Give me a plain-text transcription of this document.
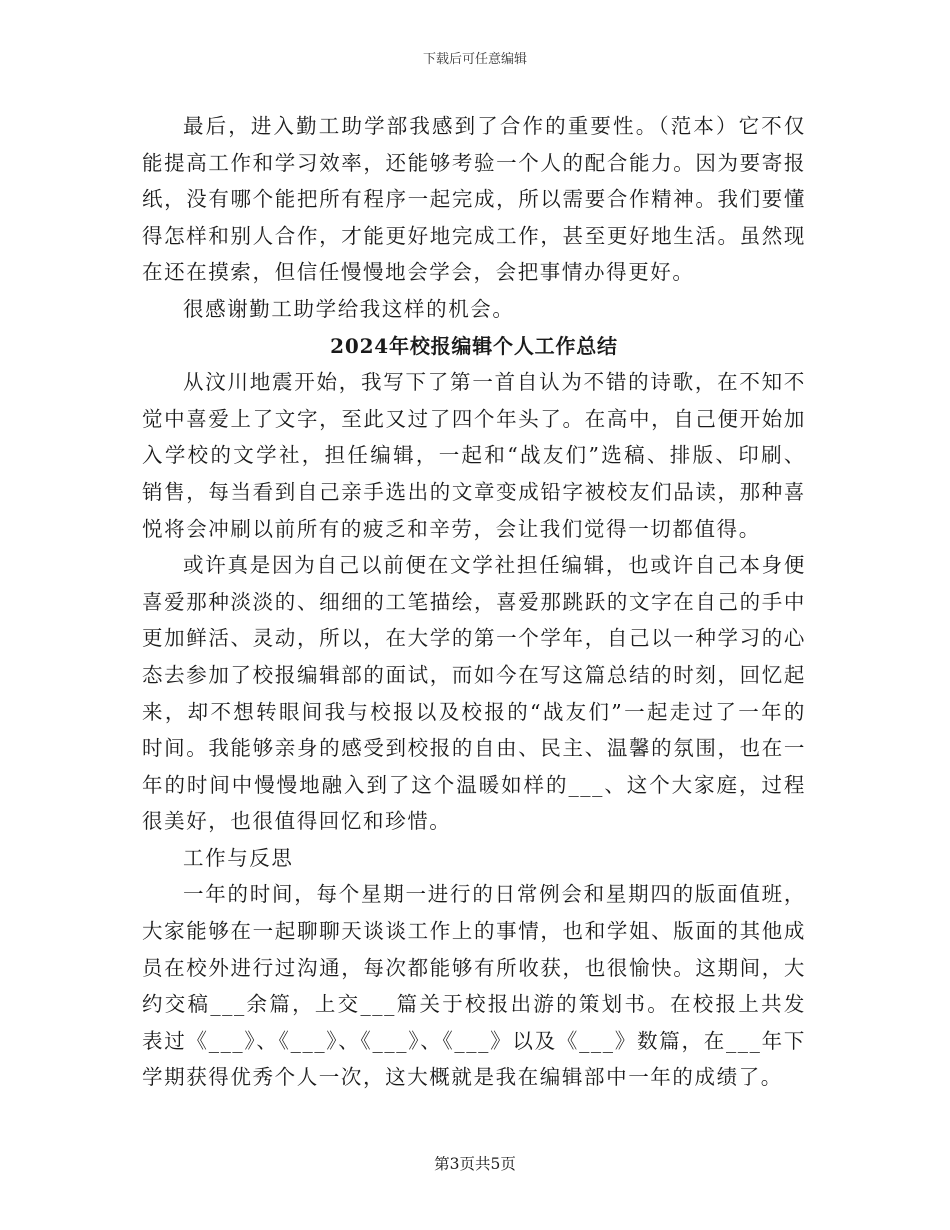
下载后可任意编辑

最后，进入勤工助学部我感到了合作的重要性。（范本）它不仅能提高工作和学习效率，还能够考验一个人的配合能力。因为要寄报纸，没有哪个能把所有程序一起完成，所以需要合作精神。我们要懂得怎样和别人合作，才能更好地完成工作，甚至更好地生活。虽然现在还在摸索，但信任慢慢地会学会，会把事情办得更好。

很感谢勤工助学给我这样的机会。

2024年校报编辑个人工作总结

从汶川地震开始，我写下了第一首自认为不错的诗歌，在不知不觉中喜爱上了文字，至此又过了四个年头了。在高中，自己便开始加入学校的文学社，担任编辑，一起和“战友们”选稿、排版、印刷、销售，每当看到自己亲手选出的文章变成铅字被校友们品读，那种喜悦将会冲刷以前所有的疲乏和辛劳，会让我们觉得一切都值得。

或许真是因为自己以前便在文学社担任编辑，也或许自己本身便喜爱那种淡淡的、细细的工笔描绘，喜爱那跳跃的文字在自己的手中更加鲜活、灵动，所以，在大学的第一个学年，自己以一种学习的心态去参加了校报编辑部的面试，而如今在写这篇总结的时刻，回忆起来，却不想转眼间我与校报以及校报的“战友们”一起走过了一年的时间。我能够亲身的感受到校报的自由、民主、温馨的氛围，也在一年的时间中慢慢地融入到了这个温暖如样的___、这个大家庭，过程很美好，也很值得回忆和珍惜。

工作与反思

一年的时间，每个星期一进行的日常例会和星期四的版面值班，大家能够在一起聊聊天谈谈工作上的事情，也和学姐、版面的其他成员在校外进行过沟通，每次都能够有所收获，也很愉快。这期间，大约交稿___余篇，上交___篇关于校报出游的策划书。在校报上共发表过《___》、《___》、《___》、《___》以及《___》数篇，在___年下学期获得优秀个人一次，这大概就是我在编辑部中一年的成绩了。

第3页共5页
